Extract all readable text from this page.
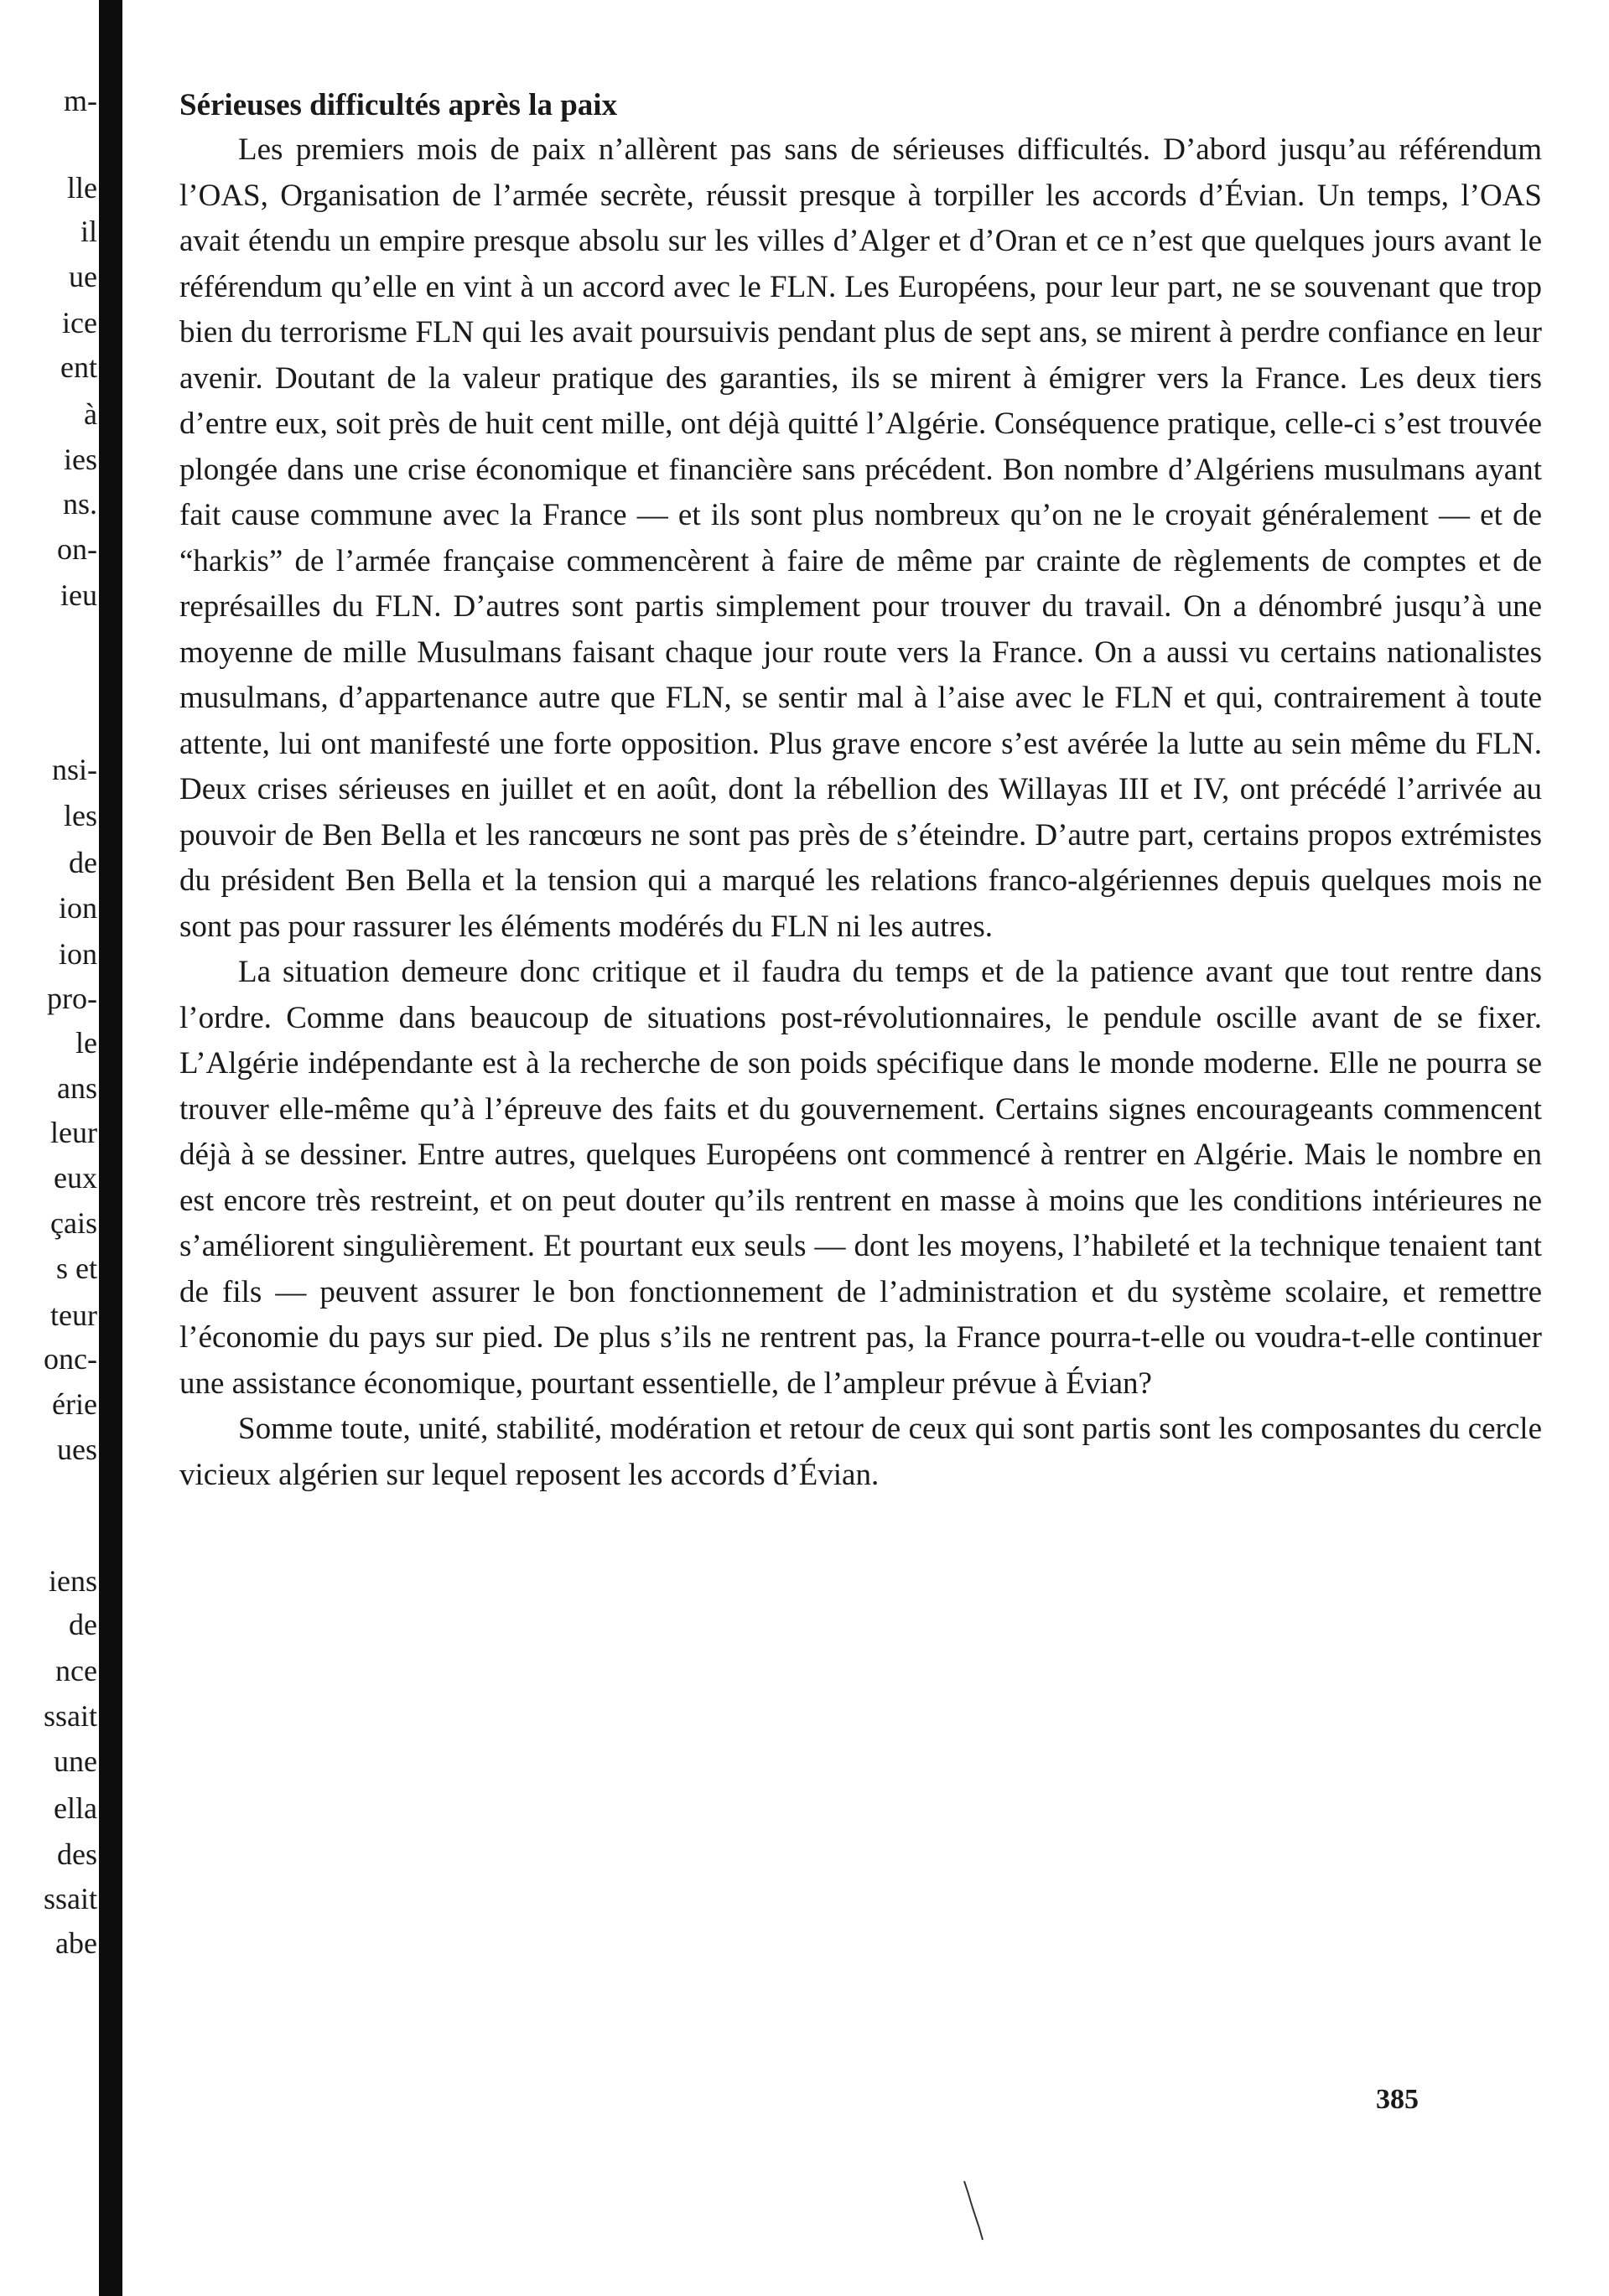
m-
lle
il
ue
ice
ent
à
ies
ns.
on-
ieu
nsi-
les
de
ion
ion
pro-
le
ans
leur
eux
çais
s et
teur
onc-
érie
ues
iens
de
nce
ssait
une
ella
des
ssait
abe

Sérieuses difficultés après la paix

Les premiers mois de paix n’allèrent pas sans de sérieuses difficultés. D’abord jusqu’au référendum l’OAS, Organisation de l’armée secrète, réussit presque à torpiller les accords d’Évian. Un temps, l’OAS avait étendu un empire presque absolu sur les villes d’Alger et d’Oran et ce n’est que quelques jours avant le référendum qu’elle en vint à un accord avec le FLN. Les Européens, pour leur part, ne se souvenant que trop bien du terrorisme FLN qui les avait poursuivis pendant plus de sept ans, se mirent à perdre confiance en leur avenir. Doutant de la valeur pratique des garanties, ils se mirent à émigrer vers la France. Les deux tiers d’entre eux, soit près de huit cent mille, ont déjà quitté l’Algérie. Conséquence pratique, celle-ci s’est trouvée plongée dans une crise économique et financière sans précédent. Bon nombre d’Algériens musulmans ayant fait cause commune avec la France — et ils sont plus nombreux qu’on ne le croyait généralement — et de “harkis” de l’armée française commencèrent à faire de même par crainte de règlements de comptes et de représailles du FLN. D’autres sont partis simplement pour trouver du travail. On a dénombré jusqu’à une moyenne de mille Musulmans faisant chaque jour route vers la France. On a aussi vu certains nationalistes musulmans, d’appartenance autre que FLN, se sentir mal à l’aise avec le FLN et qui, contrairement à toute attente, lui ont manifesté une forte opposition. Plus grave encore s’est avérée la lutte au sein même du FLN. Deux crises sérieuses en juillet et en août, dont la rébellion des Willayas III et IV, ont précédé l’arrivée au pouvoir de Ben Bella et les rancœurs ne sont pas près de s’éteindre. D’autre part, certains propos extrémistes du président Ben Bella et la tension qui a marqué les relations franco-algériennes depuis quelques mois ne sont pas pour rassurer les éléments modérés du FLN ni les autres.

La situation demeure donc critique et il faudra du temps et de la patience avant que tout rentre dans l’ordre. Comme dans beaucoup de situations post-révolutionnaires, le pendule oscille avant de se fixer. L’Algérie indépendante est à la recherche de son poids spécifique dans le monde moderne. Elle ne pourra se trouver elle-même qu’à l’épreuve des faits et du gouvernement. Certains signes encourageants commencent déjà à se dessiner. Entre autres, quelques Européens ont commencé à rentrer en Algérie. Mais le nombre en est encore très restreint, et on peut douter qu’ils rentrent en masse à moins que les conditions intérieures ne s’améliorent singulièrement. Et pourtant eux seuls — dont les moyens, l’habileté et la technique tenaient tant de fils — peuvent assurer le bon fonctionnement de l’administration et du système scolaire, et remettre l’économie du pays sur pied. De plus s’ils ne rentrent pas, la France pourra-t-elle ou voudra-t-elle continuer une assistance économique, pourtant essentielle, de l’ampleur prévue à Évian?

Somme toute, unité, stabilité, modération et retour de ceux qui sont partis sont les composantes du cercle vicieux algérien sur lequel reposent les accords d’Évian.

385
